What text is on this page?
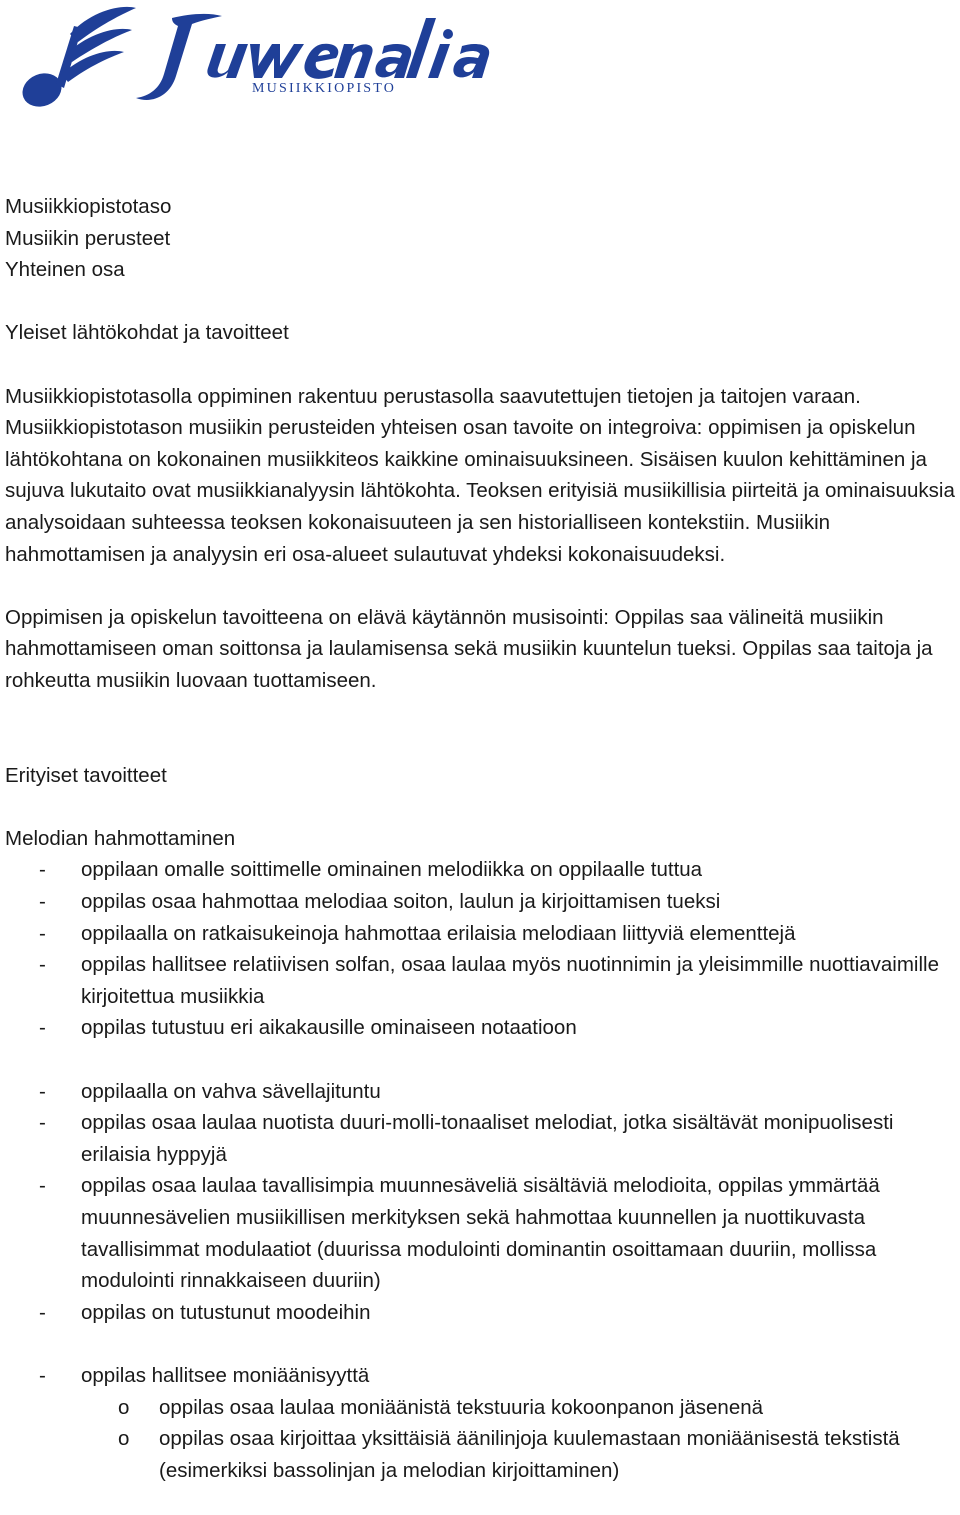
MUSIIKKIOPISTO
Musiikkiopistotaso
Musiikin perusteet
Yhteinen osa
Yleiset lähtökohdat ja tavoitteet

Musiikkiopistotasolla oppiminen rakentuu perustasolla saavutettujen tietojen ja taitojen varaan. Musiikkiopistotason musiikin perusteiden yhteisen osan tavoite on integroiva: oppimisen ja opiskelun lähtökohtana on kokonainen musiikkiteos kaikkine ominaisuuksineen. Sisäisen kuulon kehittäminen ja sujuva lukutaito ovat musiikkianalyysin lähtökohta. Teoksen erityisiä musiikillisia piirteitä ja ominaisuuksia analysoidaan suhteessa teoksen kokonaisuuteen ja sen historialliseen kontekstiin. Musiikin hahmottamisen ja analyysin eri osa-alueet sulautuvat yhdeksi kokonaisuudeksi.

Oppimisen ja opiskelun tavoitteena on elävä käytännön musisointi: Oppilas saa välineitä musiikin hahmottamiseen oman soittonsa ja laulamisensa sekä musiikin kuuntelun tueksi. Oppilas saa taitoja ja rohkeutta musiikin luovaan tuottamiseen.

Erityiset tavoitteet
Melodian hahmottaminen
- oppilaan omalle soittimelle ominainen melodiikka on oppilaalle tuttua
- oppilas osaa hahmottaa melodiaa soiton, laulun ja kirjoittamisen tueksi
- oppilaalla on ratkaisukeinoja hahmottaa erilaisia melodiaan liittyviä elementtejä
- oppilas hallitsee relatiivisen solfan, osaa laulaa myös nuotinnimin ja yleisimmille nuottiavaimille kirjoitettua musiikkia
- oppilas tutustuu eri aikakausille ominaiseen notaatioon
- oppilaalla on vahva sävellajituntu
- oppilas osaa laulaa nuotista duuri-molli-tonaaliset melodiat, jotka sisältävät monipuolisesti erilaisia hyppyjä
- oppilas osaa laulaa tavallisimpia muunnesäveliä sisältäviä melodioita, oppilas ymmärtää muunnesävelien musiikillisen merkityksen sekä hahmottaa kuunnellen ja nuottikuvasta tavallisimmat modulaatiot (duurissa modulointi dominantin osoittamaan duuriin, mollissa modulointi rinnakkaiseen duuriin)
- oppilas on tutustunut moodeihin
- oppilas hallitsee moniäänisyyttä
o oppilas osaa laulaa moniäänistä tekstuuria kokoonpanon jäsenenä
o oppilas osaa kirjoittaa yksittäisiä äänilinjoja kuulemastaan moniäänisestä tekstistä (esimerkiksi bassolinjan ja melodian kirjoittaminen)
